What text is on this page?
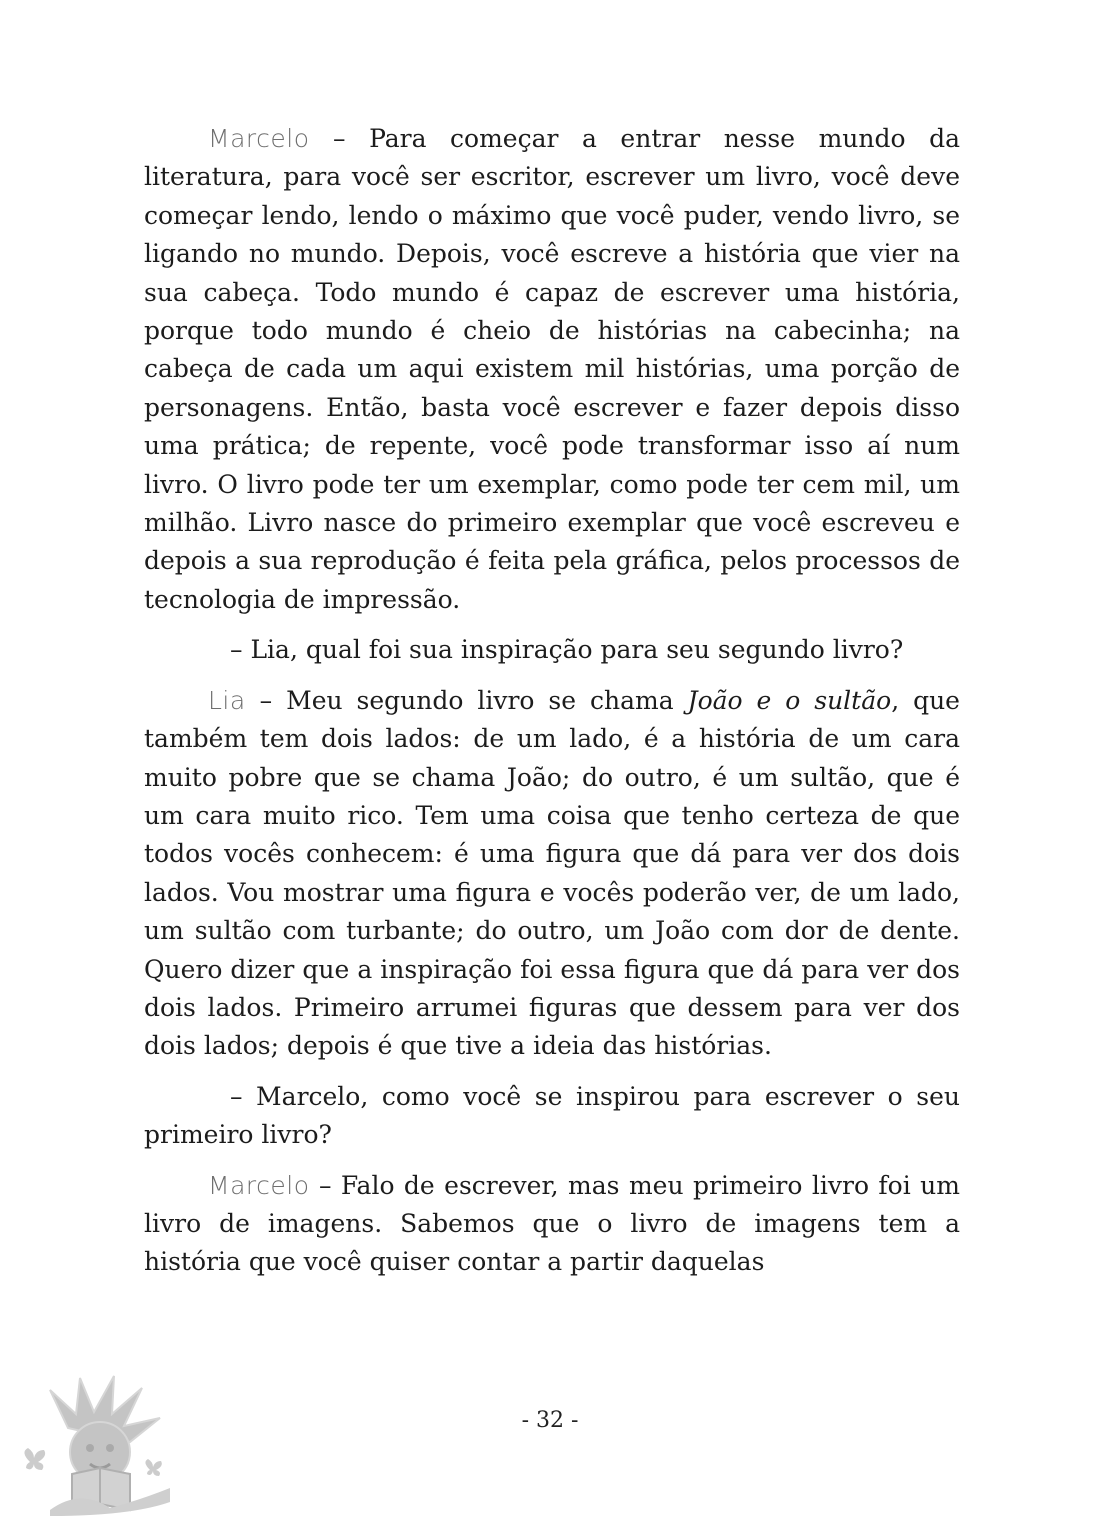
Marcelo – Para começar a entrar nesse mundo da literatura, para você ser escritor, escrever um livro, você deve começar lendo, lendo o máximo que você puder, vendo livro, se ligando no mundo. Depois, você escreve a história que vier na sua cabeça. Todo mundo é capaz de escrever uma história, porque todo mundo é cheio de histórias na cabecinha; na cabeça de cada um aqui existem mil histórias, uma porção de personagens. Então, basta você escrever e fazer depois disso uma prática; de repente, você pode transformar isso aí num livro. O livro pode ter um exemplar, como pode ter cem mil, um milhão. Livro nasce do primeiro exemplar que você escreveu e depois a sua reprodução é feita pela gráfica, pelos processos de tecnologia de impressão.

– Lia, qual foi sua inspiração para seu segundo livro?

Lia – Meu segundo livro se chama João e o sultão, que também tem dois lados: de um lado, é a história de um cara muito pobre que se chama João; do outro, é um sultão, que é um cara muito rico. Tem uma coisa que tenho certeza de que todos vocês conhecem: é uma figura que dá para ver dos dois lados. Vou mostrar uma figura e vocês poderão ver, de um lado, um sultão com turbante; do outro, um João com dor de dente. Quero dizer que a inspiração foi essa figura que dá para ver dos dois lados. Primeiro arrumei figuras que dessem para ver dos dois lados; depois é que tive a ideia das histórias.

– Marcelo, como você se inspirou para escrever o seu primeiro livro?

Marcelo – Falo de escrever, mas meu primeiro livro foi um livro de imagens. Sabemos que o livro de imagens tem a história que você quiser contar a partir daquelas

- 32 -
